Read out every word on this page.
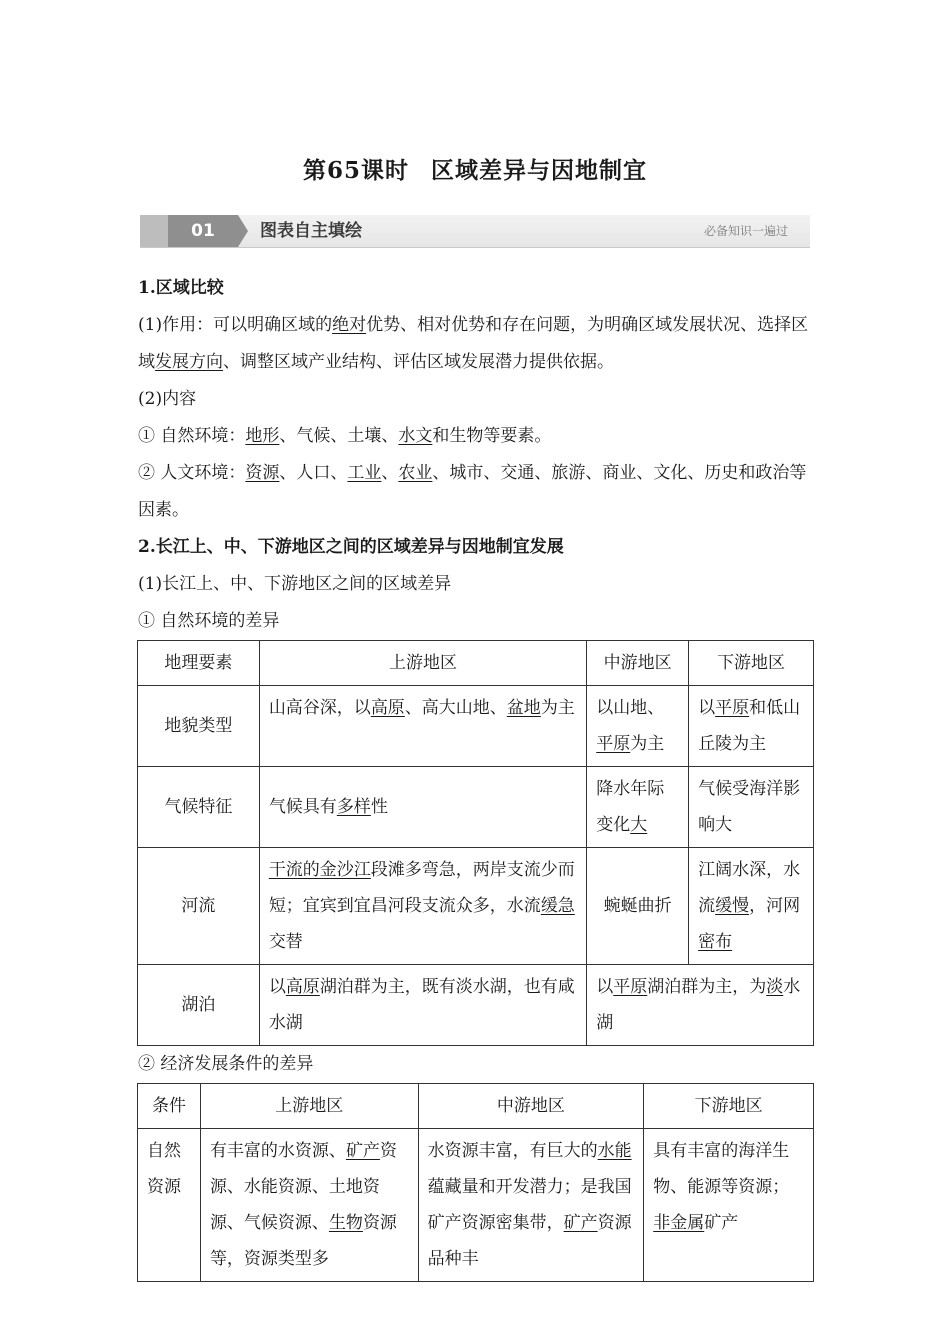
第65课时 区域差异与因地制宜
01	图表自主填绘	必备知识一遍过
1.区域比较
(1)作用：可以明确区域的绝对优势、相对优势和存在问题，为明确区域发展状况、选择区域发展方向、调整区域产业结构、评估区域发展潜力提供依据。
(2)内容
① 自然环境：地形、气候、土壤、水文和生物等要素。
② 人文环境：资源、人口、工业、农业、城市、交通、旅游、商业、文化、历史和政治等因素。
2.长江上、中、下游地区之间的区域差异与因地制宜发展
(1)长江上、中、下游地区之间的区域差异
① 自然环境的差异
地理要素	上游地区	中游地区	下游地区
地貌类型	山高谷深，以高原、高大山地、盆地为主	以山地、平原为主	以平原和低山丘陵为主
气候特征	气候具有多样性	降水年际变化大	气候受海洋影响大
河流	干流的金沙江段滩多弯急，两岸支流少而短；宜宾到宜昌河段支流众多，水流缓急交替	蜿蜒曲折	江阔水深，水流缓慢，河网密布
湖泊	以高原湖泊群为主，既有淡水湖，也有咸水湖	以平原湖泊群为主，为淡水湖	
② 经济发展条件的差异
条件	上游地区	中游地区	下游地区
自然资源	有丰富的水资源、矿产资源、水能资源、土地资源、气候资源、生物资源等，资源类型多	水资源丰富，有巨大的水能蕴藏量和开发潜力；是我国矿产资源密集带，矿产资源品种丰	具有丰富的海洋生物、能源等资源；非金属矿产
